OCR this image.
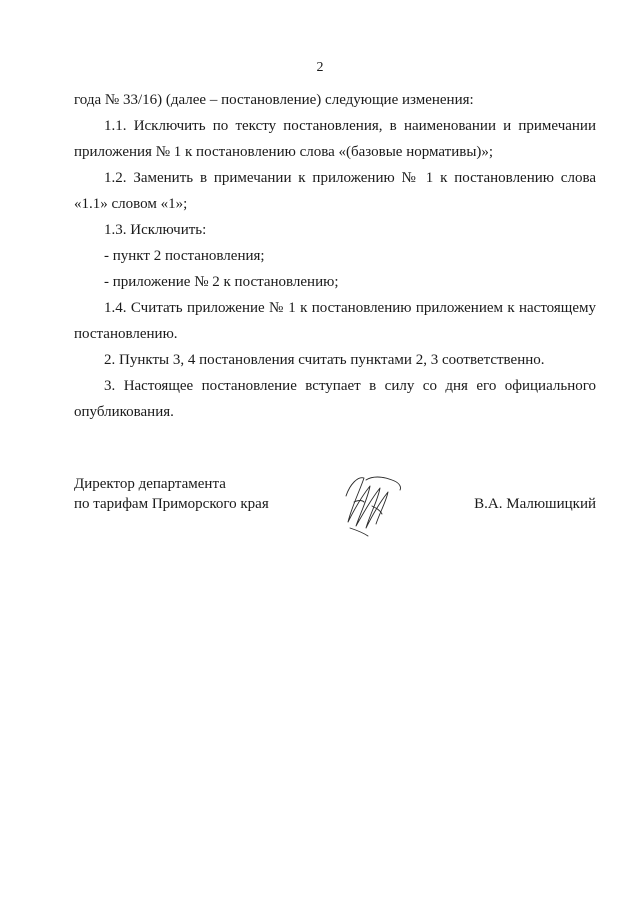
2
года № 33/16) (далее – постановление) следующие изменения:
1.1. Исключить по тексту постановления, в наименовании и примечании приложения № 1 к постановлению слова «(базовые нормативы)»;
1.2. Заменить в примечании к приложению № 1 к постановлению слова «1.1» словом «1»;
1.3. Исключить:
- пункт 2 постановления;
- приложение № 2 к постановлению;
1.4. Считать приложение № 1 к постановлению приложением к настоящему постановлению.
2. Пункты 3, 4 постановления считать пунктами 2, 3 соответственно.
3. Настоящее постановление вступает в силу со дня его официального опубликования.
Директор департамента
по тарифам Приморского края	В.А. Малюшицкий
